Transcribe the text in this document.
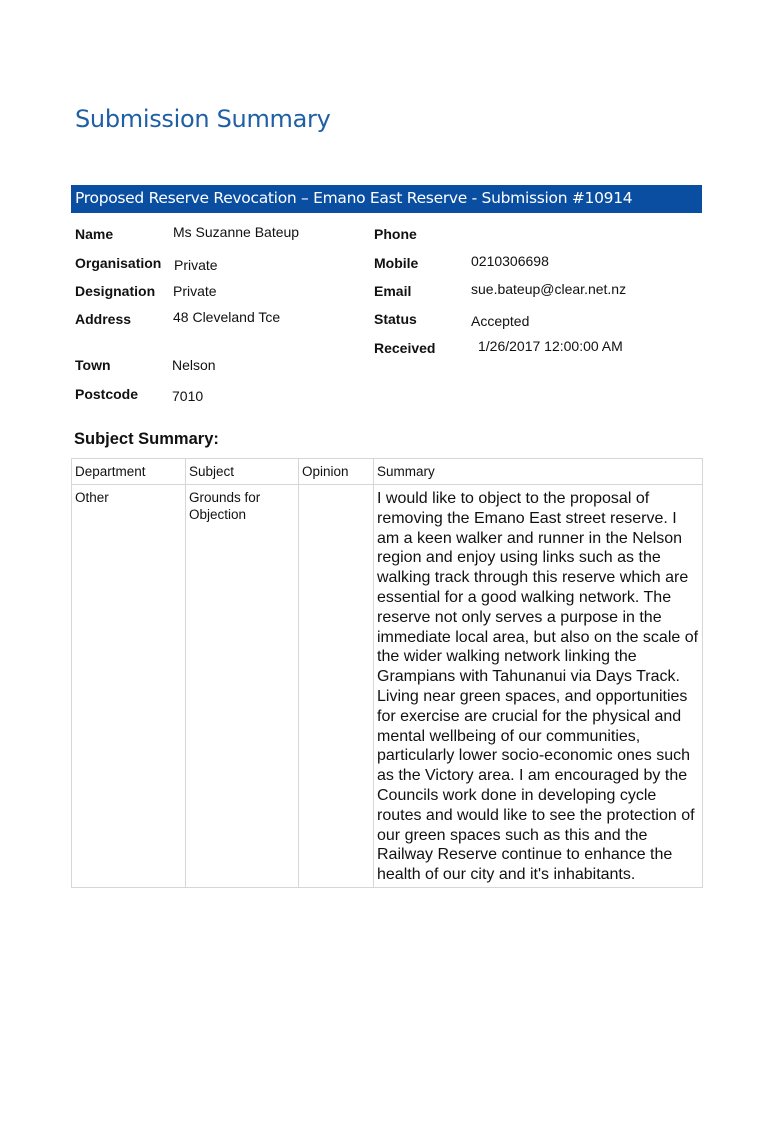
Submission Summary
Proposed Reserve Revocation – Emano East Reserve - Submission #10914
Name	Ms Suzanne Bateup
Organisation Private
Designation Private
Address	48 Cleveland Tce
Town	Nelson
Postcode 7010
Phone
Mobile	0210306698
Email	sue.bateup@clear.net.nz
Status	Accepted
Received	1/26/2017 12:00:00 AM
Subject Summary:
Department	Subject	Opinion	Summary
Other	Grounds for Objection		I would like to object to the proposal of removing the Emano East street reserve. I am a keen walker and runner in the Nelson region and enjoy using links such as the walking track through this reserve which are essential for a good walking network. The reserve not only serves a purpose in the immediate local area, but also on the scale of the wider walking network linking the Grampians with Tahunanui via Days Track. Living near green spaces, and opportunities for exercise are crucial for the physical and mental wellbeing of our communities, particularly lower socio-economic ones such as the Victory area. I am encouraged by the Councils work done in developing cycle routes and would like to see the protection of our green spaces such as this and the Railway Reserve continue to enhance the health of our city and it's inhabitants.
